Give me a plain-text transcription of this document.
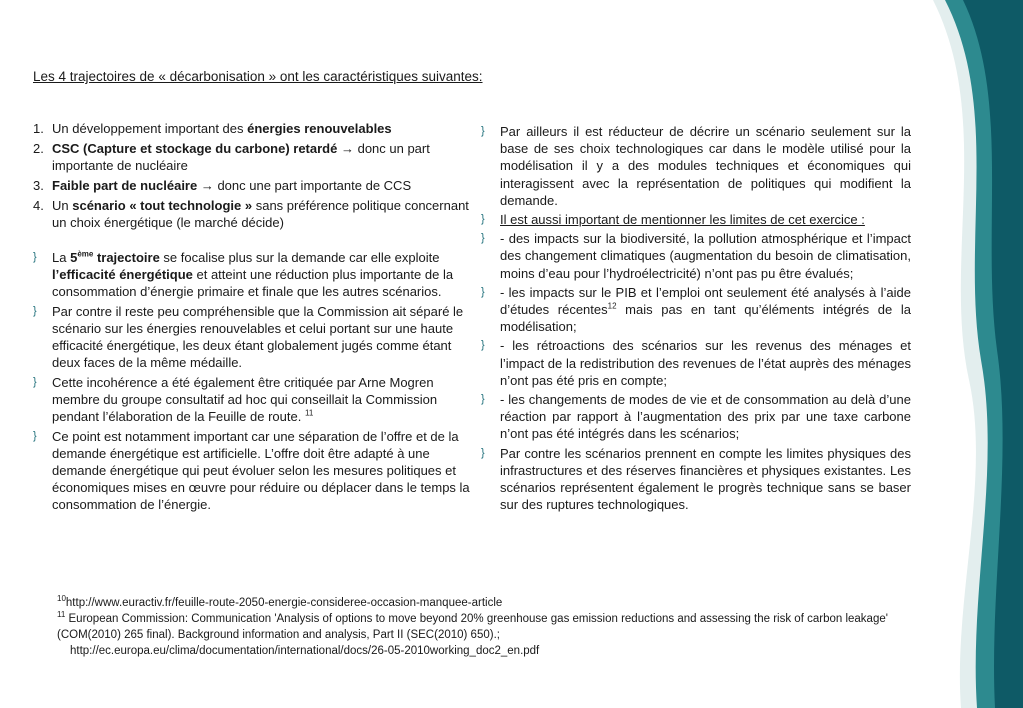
Les 4 trajectoires de « décarbonisation » ont les caractéristiques suivantes:
1. Un développement important des énergies renouvelables
2. CSC (Capture et stockage du carbone) retardé → donc un part importante de nucléaire
3. Faible part de nucléaire → donc une part importante de CCS
4. Un scénario « tout technologie » sans préférence politique concernant un choix énergétique (le marché décide)
} La 5ème trajectoire se focalise plus sur la demande car elle exploite l’efficacité énergétique et atteint une réduction plus importante de la consommation d’énergie primaire et finale que les autres scénarios.
} Par contre il reste peu compréhensible que la Commission ait séparé le scénario sur les énergies renouvelables et celui portant sur une haute efficacité énergétique, les deux étant globalement jugés comme étant deux faces de la même médaille.
} Cette incohérence a été également être critiquée par Arne Mogren membre du groupe consultatif ad hoc qui conseillait la Commission pendant l’élaboration de la Feuille de route. $^{11}$
} Ce point est notamment important car une séparation de l’offre et de la demande énergétique est artificielle. L’offre doit être adapté à une demande énergétique qui peut évoluer selon les mesures politiques et économiques mises en œuvre pour réduire ou déplacer dans le temps la consommation de l’énergie.
} Par ailleurs il est réducteur de décrire un scénario seulement sur la base de ses choix technologiques car dans le modèle utilisé pour la modélisation il y a des modules techniques et économiques qui interagissent avec la représentation de politiques qui modifient la demande.
} Il est aussi important de mentionner les limites de cet exercice :
} - des impacts sur la biodiversité, la pollution atmosphérique et l’impact des changement climatiques (augmentation du besoin de climatisation, moins d’eau pour l’hydroélectricité) n’ont pas pu être évalués;
} - les impacts sur le PIB et l’emploi ont seulement été analysés à l’aide d’études récentes$^{12}$ mais pas en tant qu’éléments intégrés de la modélisation;
} - les rétroactions des scénarios sur les revenus des ménages et l’impact de la redistribution des revenues de l’état auprès des ménages n’ont pas été pris en compte;
} - les changements de modes de vie et de consommation au delà d’une réaction par rapport à l’augmentation des prix par une taxe carbone n’ont pas été intégrés dans les scénarios;
} Par contre les scénarios prennent en compte les limites physiques des infrastructures et des réserves financières et physiques existantes. Les scénarios représentent également le progrès technique sans se baser sur des ruptures technologiques.
$^{10}$http://www.euractiv.fr/feuille-route-2050-energie-consideree-occasion-manquee-article
$^{11}$ European Commission: Communication 'Analysis of options to move beyond 20% greenhouse gas emission reductions and assessing the risk of carbon leakage' (COM(2010) 265 final). Background information and analysis, Part II (SEC(2010) 650).;
http://ec.europa.eu/clima/documentation/international/docs/26-05-2010working_doc2_en.pdf
